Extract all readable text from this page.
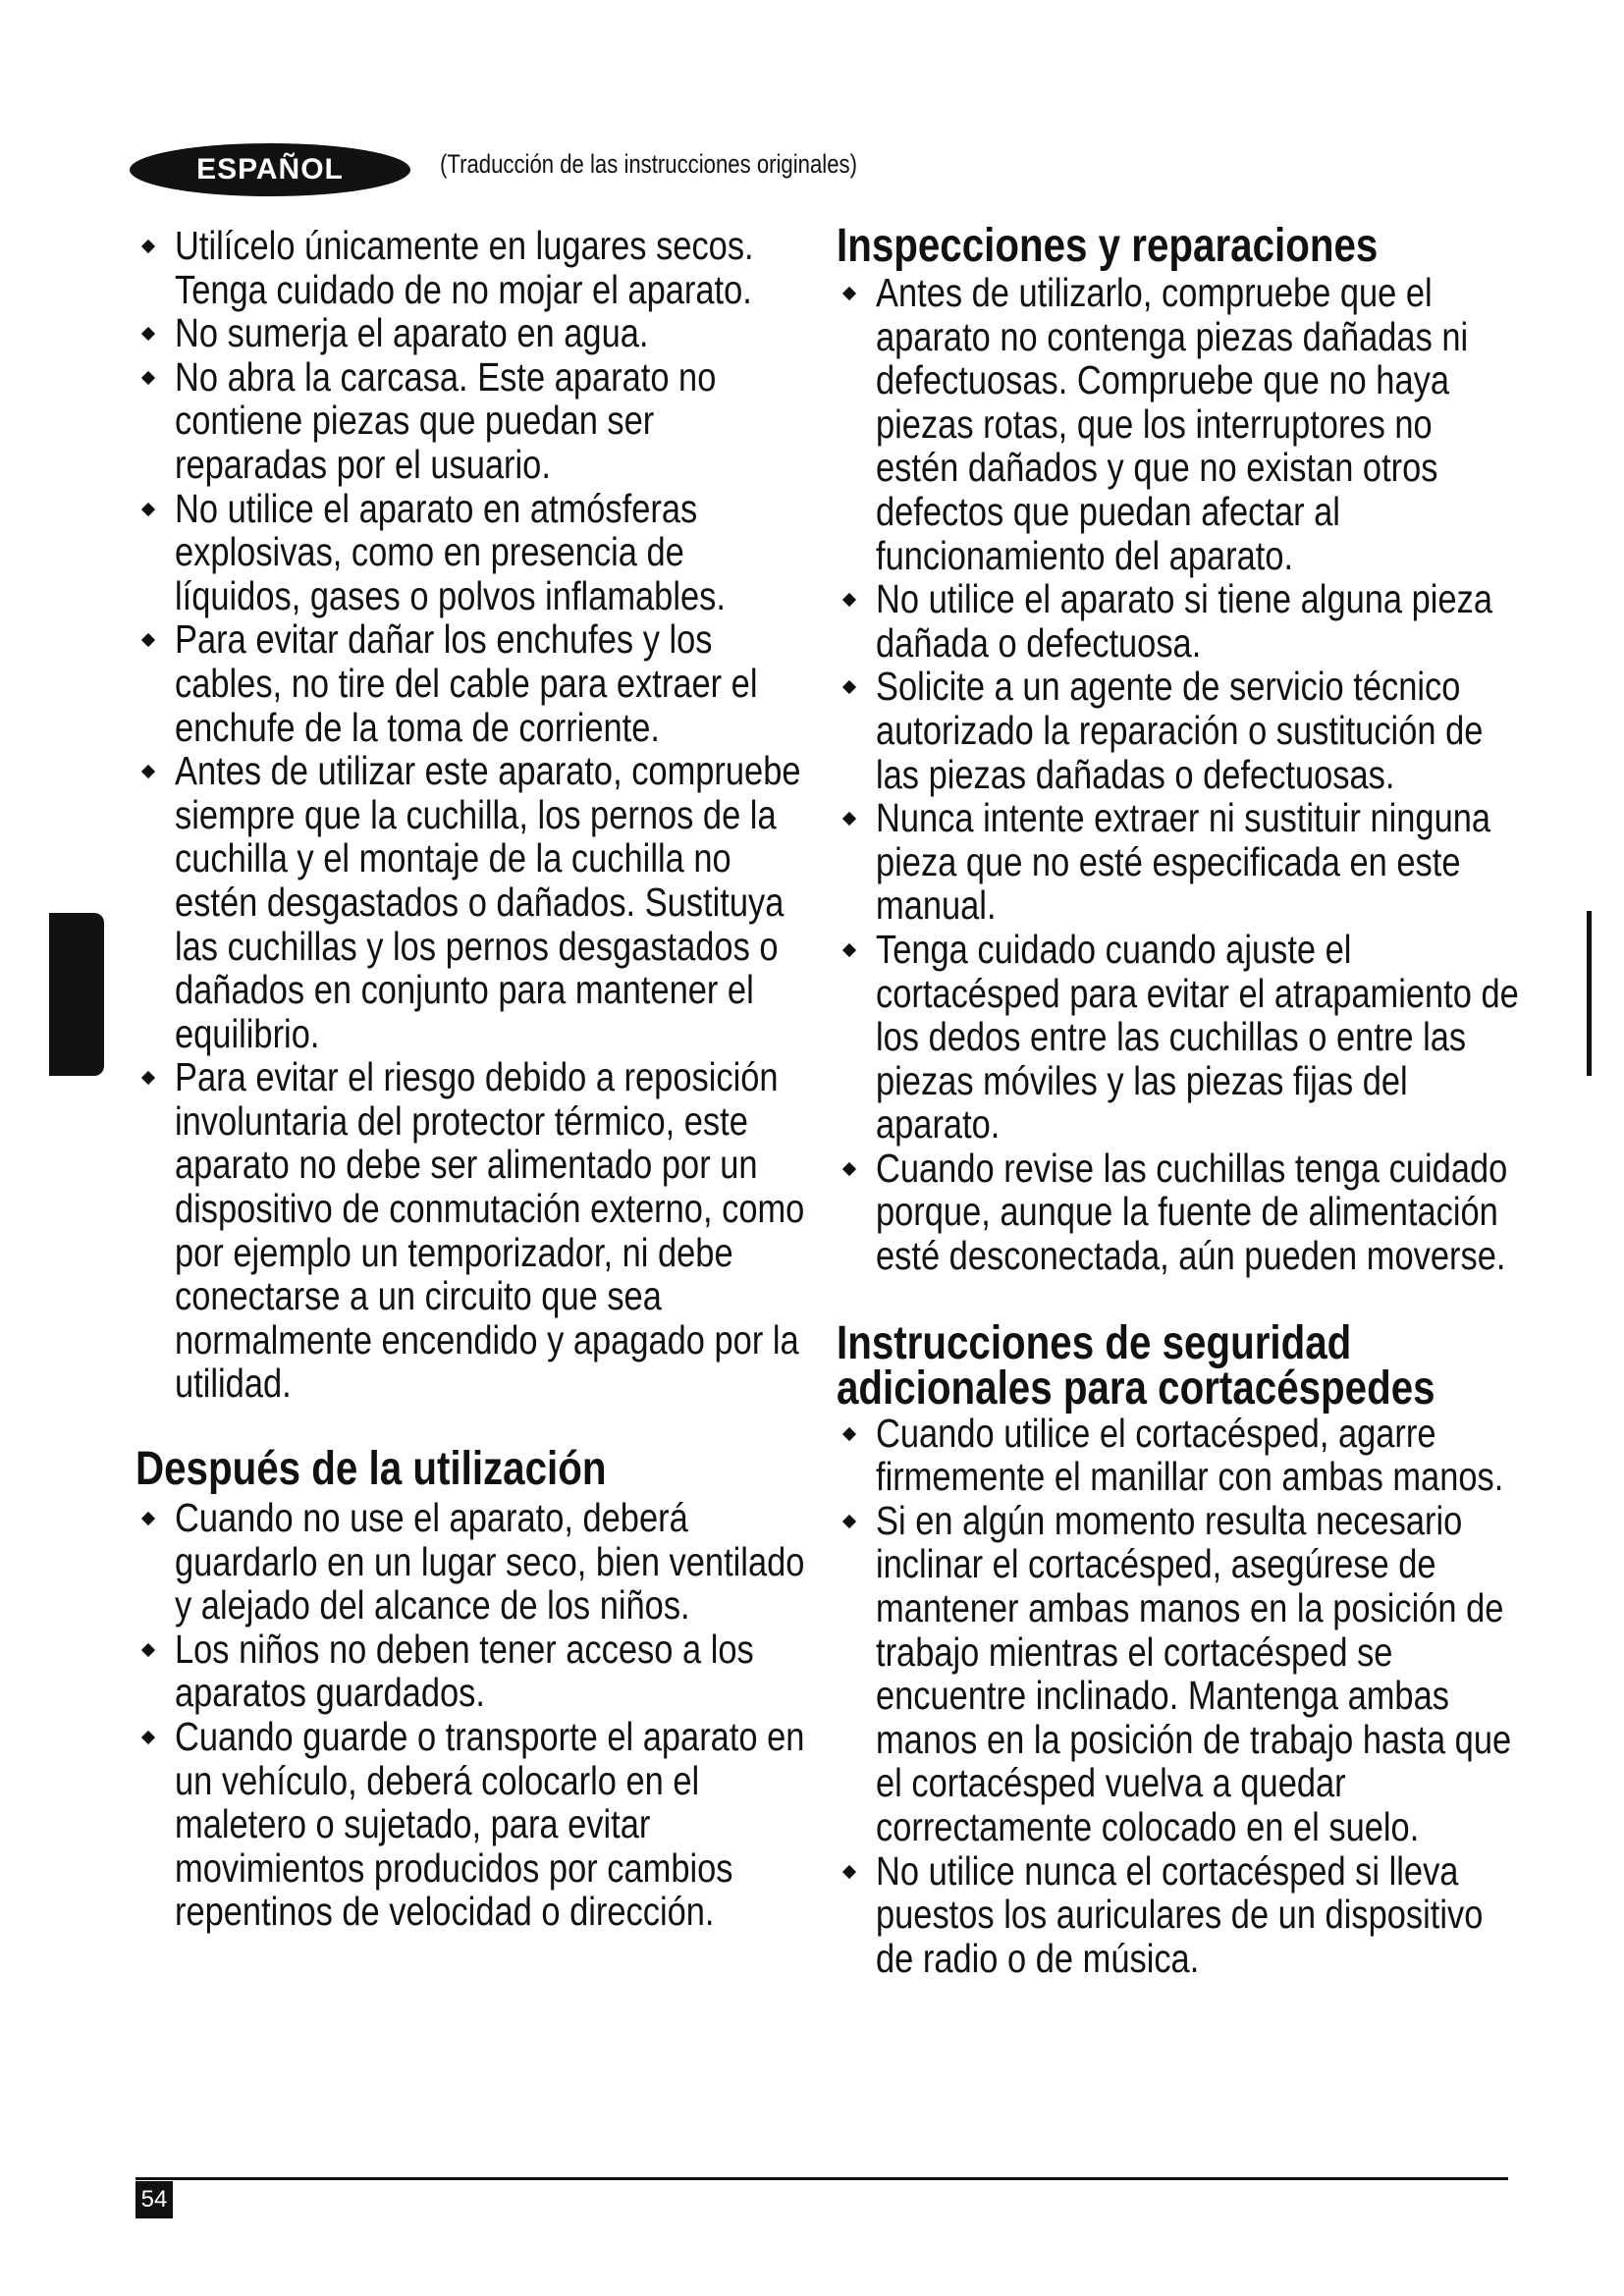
ESPAÑOL	(Traducción de las instrucciones originales)
Utilícelo únicamente en lugares secos. Tenga cuidado de no mojar el aparato.
No sumerja el aparato en agua.
No abra la carcasa. Este aparato no contiene piezas que puedan ser reparadas por el usuario.
No utilice el aparato en atmósferas explosivas, como en presencia de líquidos, gases o polvos inflamables.
Para evitar dañar los enchufes y los cables, no tire del cable para extraer el enchufe de la toma de corriente.
Antes de utilizar este aparato, compruebe siempre que la cuchilla, los pernos de la cuchilla y el montaje de la cuchilla no estén desgastados o dañados. Sustituya las cuchillas y los pernos desgastados o dañados en conjunto para mantener el equilibrio.
Para evitar el riesgo debido a reposición involuntaria del protector térmico, este aparato no debe ser alimentado por un dispositivo de conmutación externo, como por ejemplo un temporizador, ni debe conectarse a un circuito que sea normalmente encendido y apagado por la utilidad.
Después de la utilización
Cuando no use el aparato, deberá guardarlo en un lugar seco, bien ventilado y alejado del alcance de los niños.
Los niños no deben tener acceso a los aparatos guardados.
Cuando guarde o transporte el aparato en un vehículo, deberá colocarlo en el maletero o sujetado, para evitar movimientos producidos por cambios repentinos de velocidad o dirección.
Inspecciones y reparaciones
Antes de utilizarlo, compruebe que el aparato no contenga piezas dañadas ni defectuosas. Compruebe que no haya piezas rotas, que los interruptores no estén dañados y que no existan otros defectos que puedan afectar al funcionamiento del aparato.
No utilice el aparato si tiene alguna pieza dañada o defectuosa.
Solicite a un agente de servicio técnico autorizado la reparación o sustitución de las piezas dañadas o defectuosas.
Nunca intente extraer ni sustituir ninguna pieza que no esté especificada en este manual.
Tenga cuidado cuando ajuste el cortacésped para evitar el atrapamiento de los dedos entre las cuchillas o entre las piezas móviles y las piezas fijas del aparato.
Cuando revise las cuchillas tenga cuidado porque, aunque la fuente de alimentación esté desconectada, aún pueden moverse.
Instrucciones de seguridad adicionales para cortacéspedes
Cuando utilice el cortacésped, agarre firmemente el manillar con ambas manos.
Si en algún momento resulta necesario inclinar el cortacésped, asegúrese de mantener ambas manos en la posición de trabajo mientras el cortacésped se encuentre inclinado. Mantenga ambas manos en la posición de trabajo hasta que el cortacésped vuelva a quedar correctamente colocado en el suelo.
No utilice nunca el cortacésped si lleva puestos los auriculares de un dispositivo de radio o de música.
54
